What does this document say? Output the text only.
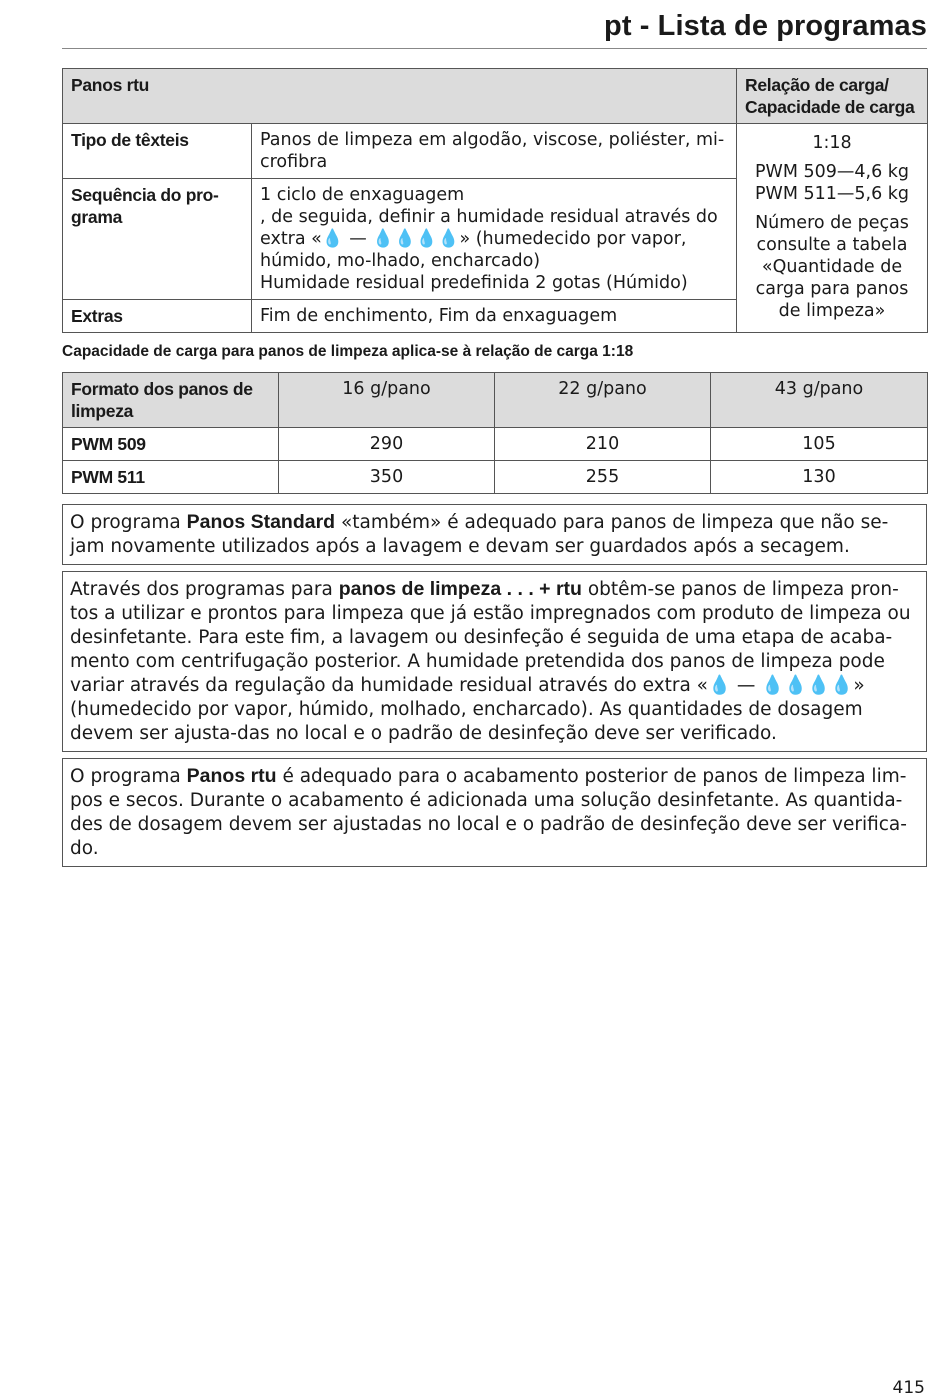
pt - Lista de programas
Panos rtu		Relação de carga/
Capacidade de carga

Tipo de têxteis	Panos de limpeza em algodão, viscose, poliéster, mi-crofibra	1:18

PWM 509—4,6 kg

PWM 511—5,6 kg

Número de peças consulte a tabela «Quantidade de carga para panos de limpeza»

Sequência do pro-grama	1 ciclo de enxaguagem
, de seguida, definir a humidade residual através do extra «💧 — 💧💧💧💧» (humedecido por vapor, húmido, mo-lhado, encharcado)
Humidade residual predefinida 2 gotas (Húmido)	

Extras	Fim de enchimento, Fim da enxaguagem	
Capacidade de carga para panos de limpeza aplica-se à relação de carga 1:18
Formato dos panos de limpeza	16 g/pano	22 g/pano	43 g/pano
PWM 509	290	210	105
PWM 511	350	255	130
O programa Panos Standard «também» é adequado para panos de limpeza que não se-jam novamente utilizados após a lavagem e devam ser guardados após a secagem.
Através dos programas para panos de limpeza . . . + rtu obtêm-se panos de limpeza pron-tos a utilizar e prontos para limpeza que já estão impregnados com produto de limpeza ou desinfetante. Para este fim, a lavagem ou desinfeção é seguida de uma etapa de acaba-mento com centrifugação posterior. A humidade pretendida dos panos de limpeza pode variar através da regulação da humidade residual através do extra «💧 — 💧💧💧💧» (humedecido por vapor, húmido, molhado, encharcado). As quantidades de dosagem devem ser ajusta-das no local e o padrão de desinfeção deve ser verificado.
O programa Panos rtu é adequado para o acabamento posterior de panos de limpeza lim-pos e secos. Durante o acabamento é adicionada uma solução desinfetante. As quantida-des de dosagem devem ser ajustadas no local e o padrão de desinfeção deve ser verifica-do.
415
